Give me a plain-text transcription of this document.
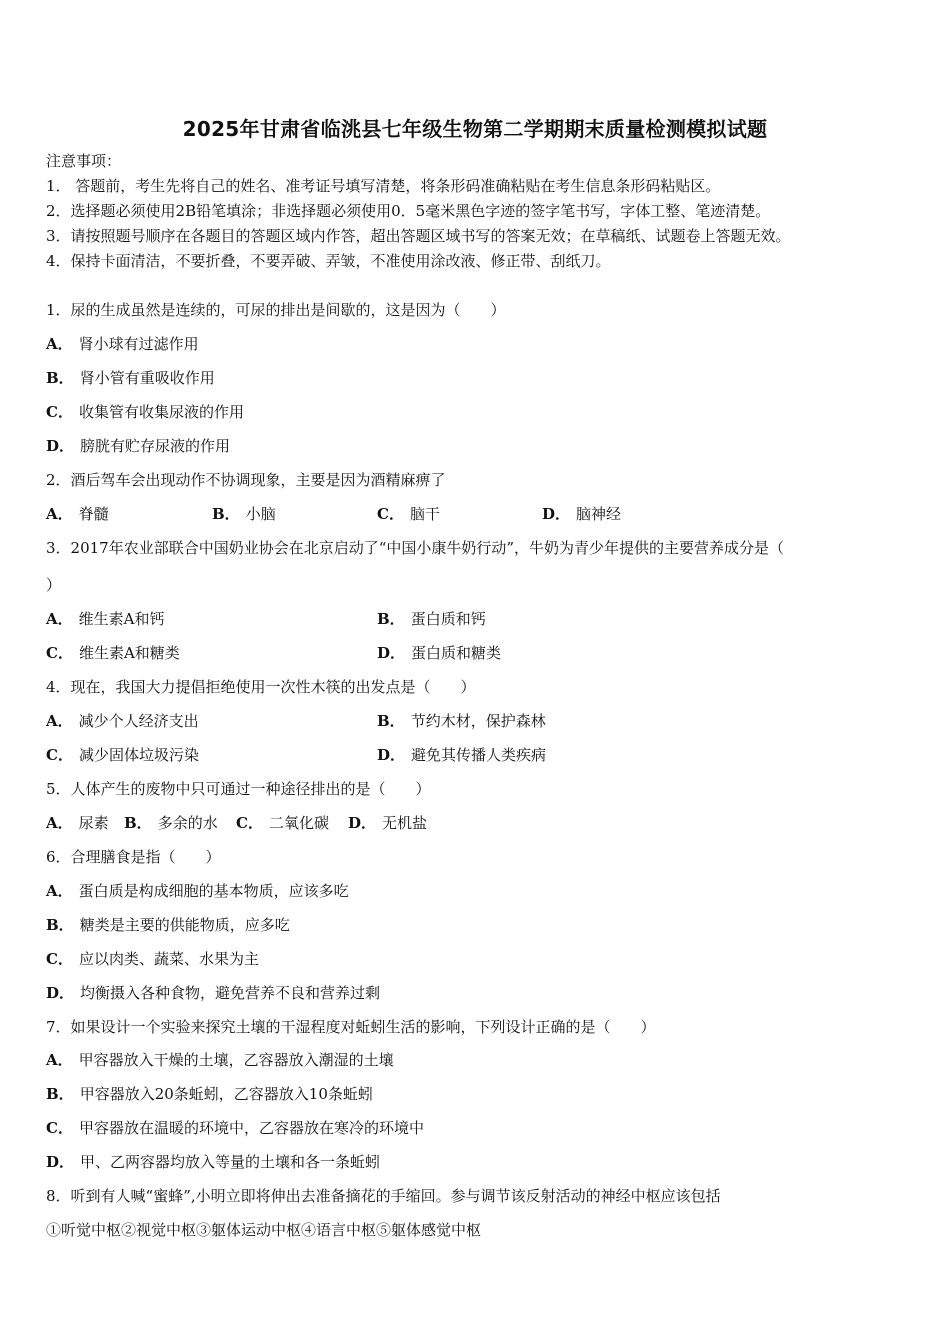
2025年甘肃省临洮县七年级生物第二学期期末质量检测模拟试题
注意事项：
1． 答题前，考生先将自己的姓名、准考证号填写清楚，将条形码准确粘贴在考生信息条形码粘贴区。
2．选择题必须使用2B铅笔填涂；非选择题必须使用0．5毫米黑色字迹的签字笔书写，字体工整、笔迹清楚。
3．请按照题号顺序在各题目的答题区域内作答，超出答题区域书写的答案无效；在草稿纸、试题卷上答题无效。
4．保持卡面清洁，不要折叠，不要弄破、弄皱，不准使用涂改液、修正带、刮纸刀。
1．尿的生成虽然是连续的，可尿的排出是间歇的，这是因为（　　）
A． 肾小球有过滤作用
B． 肾小管有重吸收作用
C． 收集管有收集尿液的作用
D． 膀胱有贮存尿液的作用
2．酒后驾车会出现动作不协调现象，主要是因为酒精麻痹了
A． 脊髓	B． 小脑	C． 脑干	D． 脑神经
3．2017年农业部联合中国奶业协会在北京启动了“中国小康牛奶行动”，牛奶为青少年提供的主要营养成分是（
）
A． 维生素A和钙	B． 蛋白质和钙
C． 维生素A和糖类	D． 蛋白质和糖类
4．现在，我国大力提倡拒绝使用一次性木筷的出发点是（　　）
A． 减少个人经济支出	B． 节约木材，保护森林
C． 减少固体垃圾污染	D． 避免其传播人类疾病
5．人体产生的废物中只可通过一种途径排出的是（　　）
A． 尿素 B． 多余的水 C． 二氧化碳 D． 无机盐
6．合理膳食是指（　　）
A． 蛋白质是构成细胞的基本物质，应该多吃
B． 糖类是主要的供能物质，应多吃
C． 应以肉类、蔬菜、水果为主
D． 均衡摄入各种食物，避免营养不良和营养过剩
7．如果设计一个实验来探究土壤的干湿程度对蚯蚓生活的影响，下列设计正确的是（　　）
A． 甲容器放入干燥的土壤，乙容器放入潮湿的土壤
B． 甲容器放入20条蚯蚓，乙容器放入10条蚯蚓
C． 甲容器放在温暖的环境中，乙容器放在寒冷的环境中
D． 甲、乙两容器均放入等量的土壤和各一条蚯蚓
8．听到有人喊“蜜蜂”,小明立即将伸出去准备摘花的手缩回。参与调节该反射活动的神经中枢应该包括
①听觉中枢②视觉中枢③躯体运动中枢④语言中枢⑤躯体感觉中枢
